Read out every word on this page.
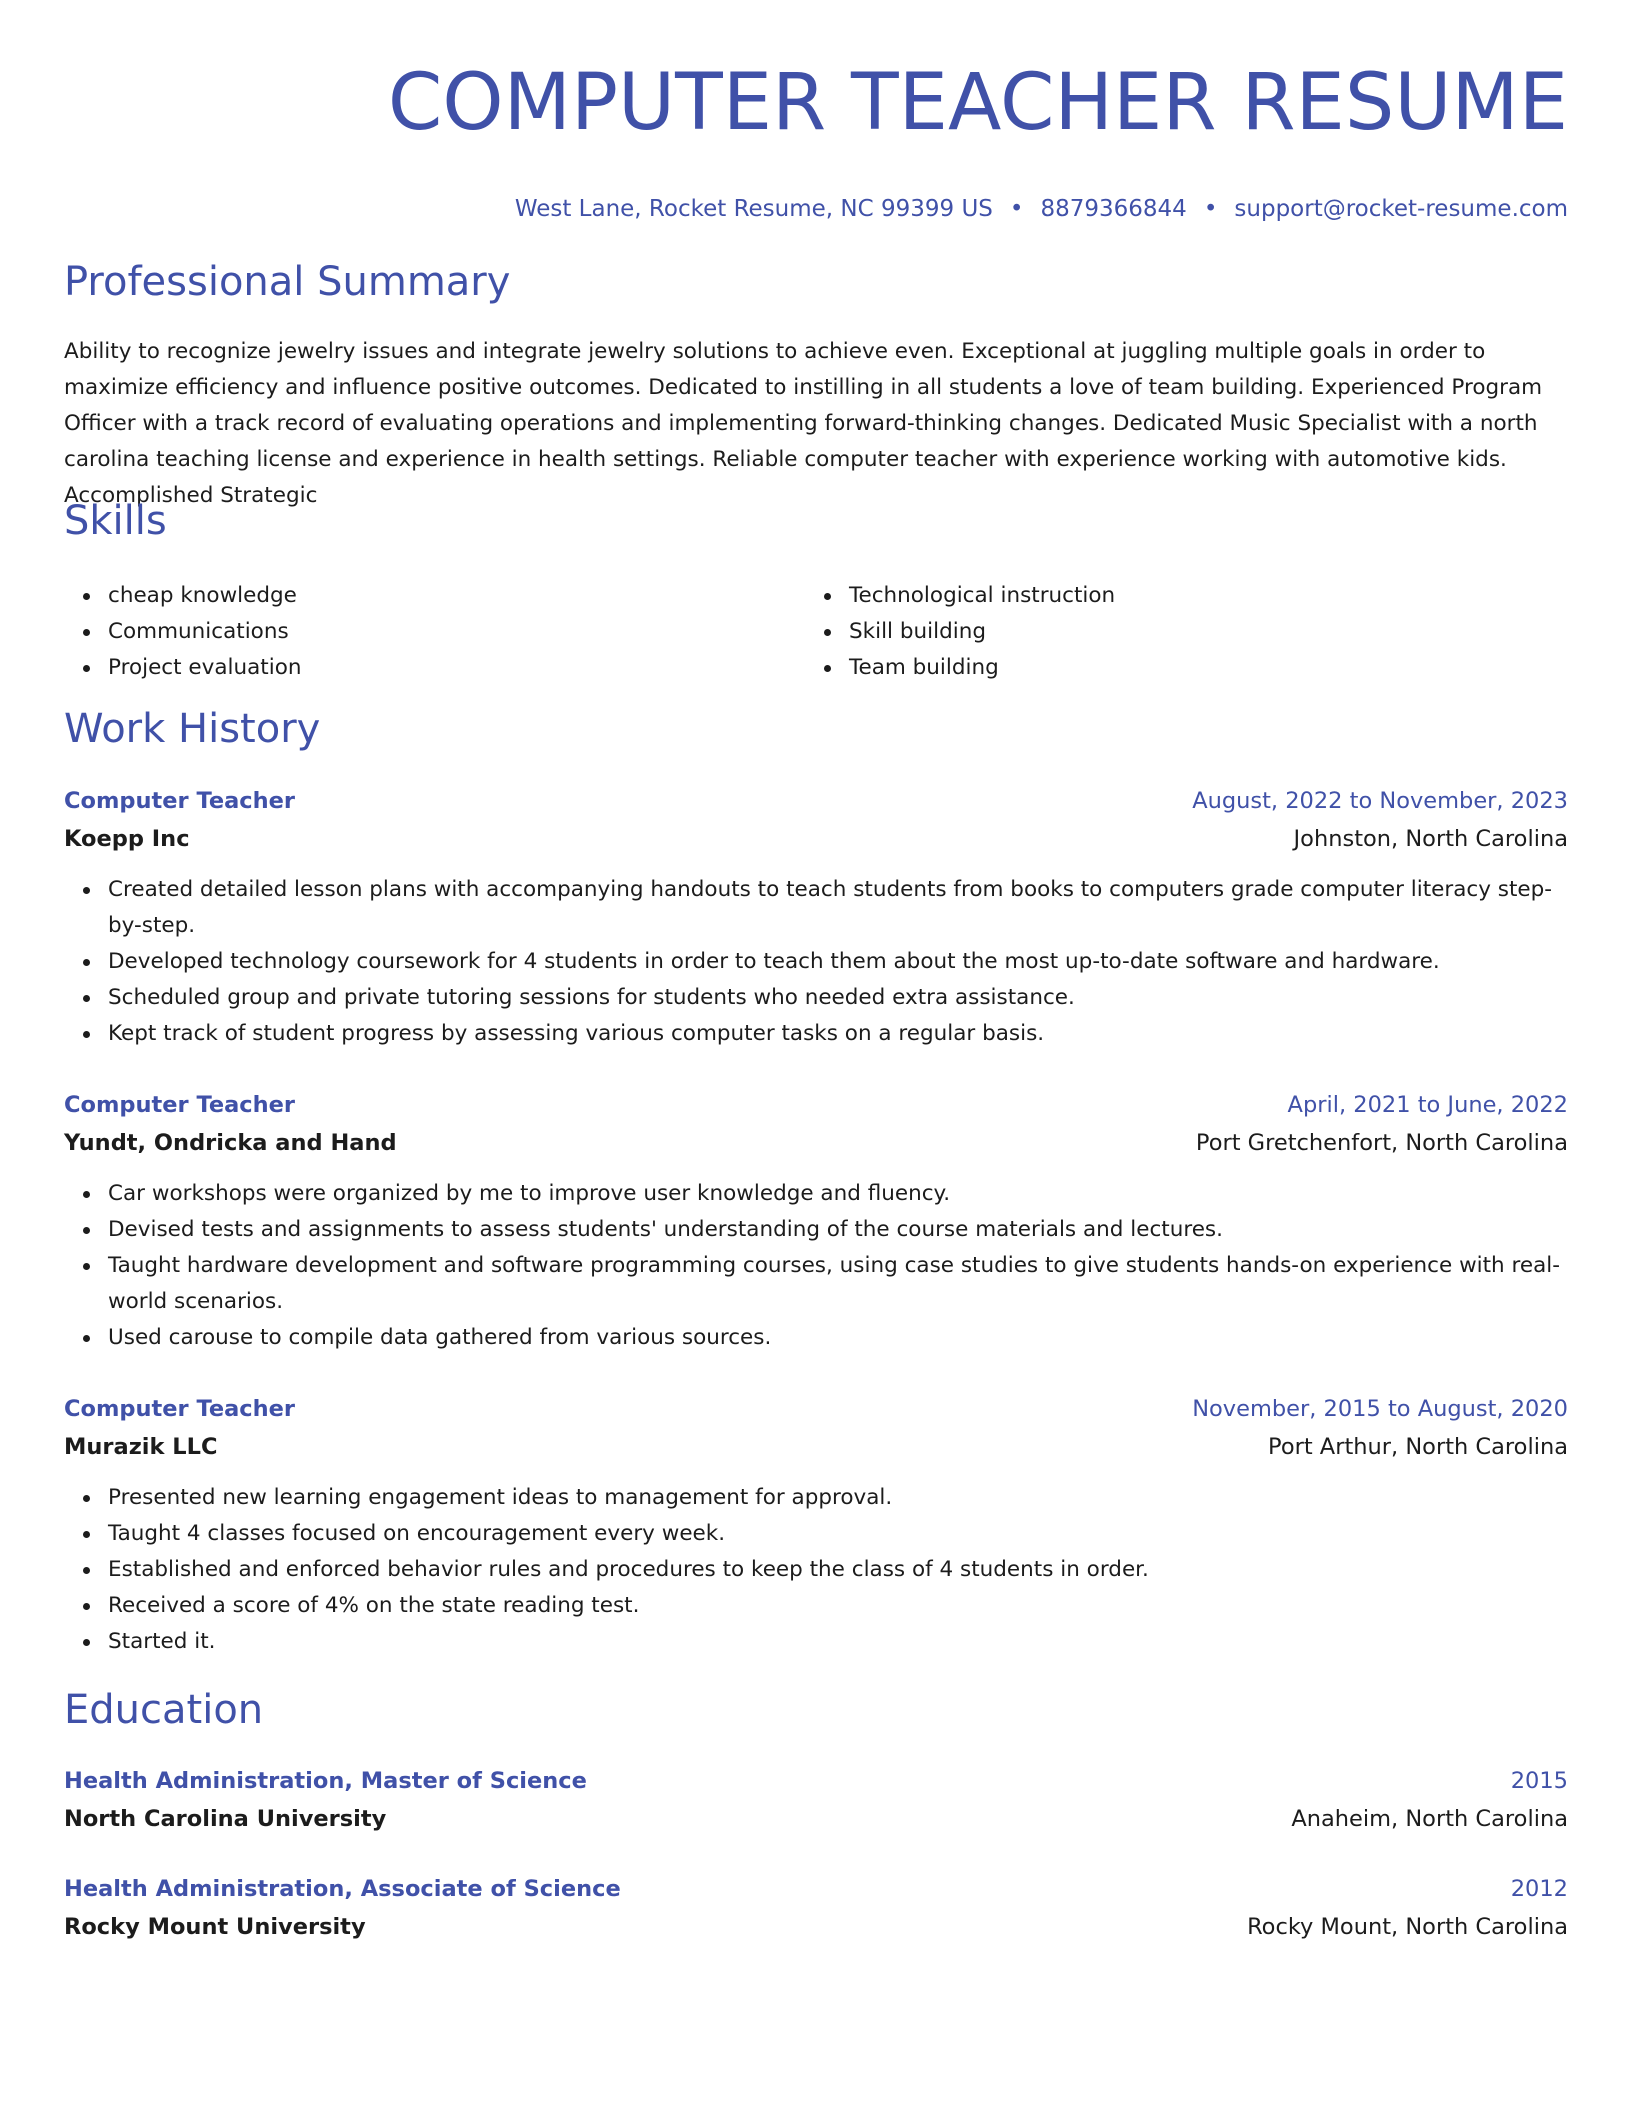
COMPUTER TEACHER RESUME
West Lane, Rocket Resume, NC 99399 US • 8879366844 • support@rocket-resume.com
Professional Summary
Ability to recognize jewelry issues and integrate jewelry solutions to achieve even. Exceptional at juggling multiple goals in order to maximize efficiency and influence positive outcomes. Dedicated to instilling in all students a love of team building. Experienced Program Officer with a track record of evaluating operations and implementing forward-thinking changes. Dedicated Music Specialist with a north carolina teaching license and experience in health settings. Reliable computer teacher with experience working with automotive kids. Accomplished Strategic
Skills
cheap knowledge
Communications
Project evaluation
Technological instruction
Skill building
Team building
Work History
Computer Teacher	August, 2022 to November, 2023
Koepp Inc	Johnston, North Carolina
Created detailed lesson plans with accompanying handouts to teach students from books to computers grade computer literacy step-by-step.
Developed technology coursework for 4 students in order to teach them about the most up-to-date software and hardware.
Scheduled group and private tutoring sessions for students who needed extra assistance.
Kept track of student progress by assessing various computer tasks on a regular basis.
Computer Teacher	April, 2021 to June, 2022
Yundt, Ondricka and Hand	Port Gretchenfort, North Carolina
Car workshops were organized by me to improve user knowledge and fluency.
Devised tests and assignments to assess students' understanding of the course materials and lectures.
Taught hardware development and software programming courses, using case studies to give students hands-on experience with real-world scenarios.
Used carouse to compile data gathered from various sources.
Computer Teacher	November, 2015 to August, 2020
Murazik LLC	Port Arthur, North Carolina
Presented new learning engagement ideas to management for approval.
Taught 4 classes focused on encouragement every week.
Established and enforced behavior rules and procedures to keep the class of 4 students in order.
Received a score of 4% on the state reading test.
Started it.
Education
Health Administration, Master of Science	2015
North Carolina University	Anaheim, North Carolina
Health Administration, Associate of Science	2012
Rocky Mount University	Rocky Mount, North Carolina
